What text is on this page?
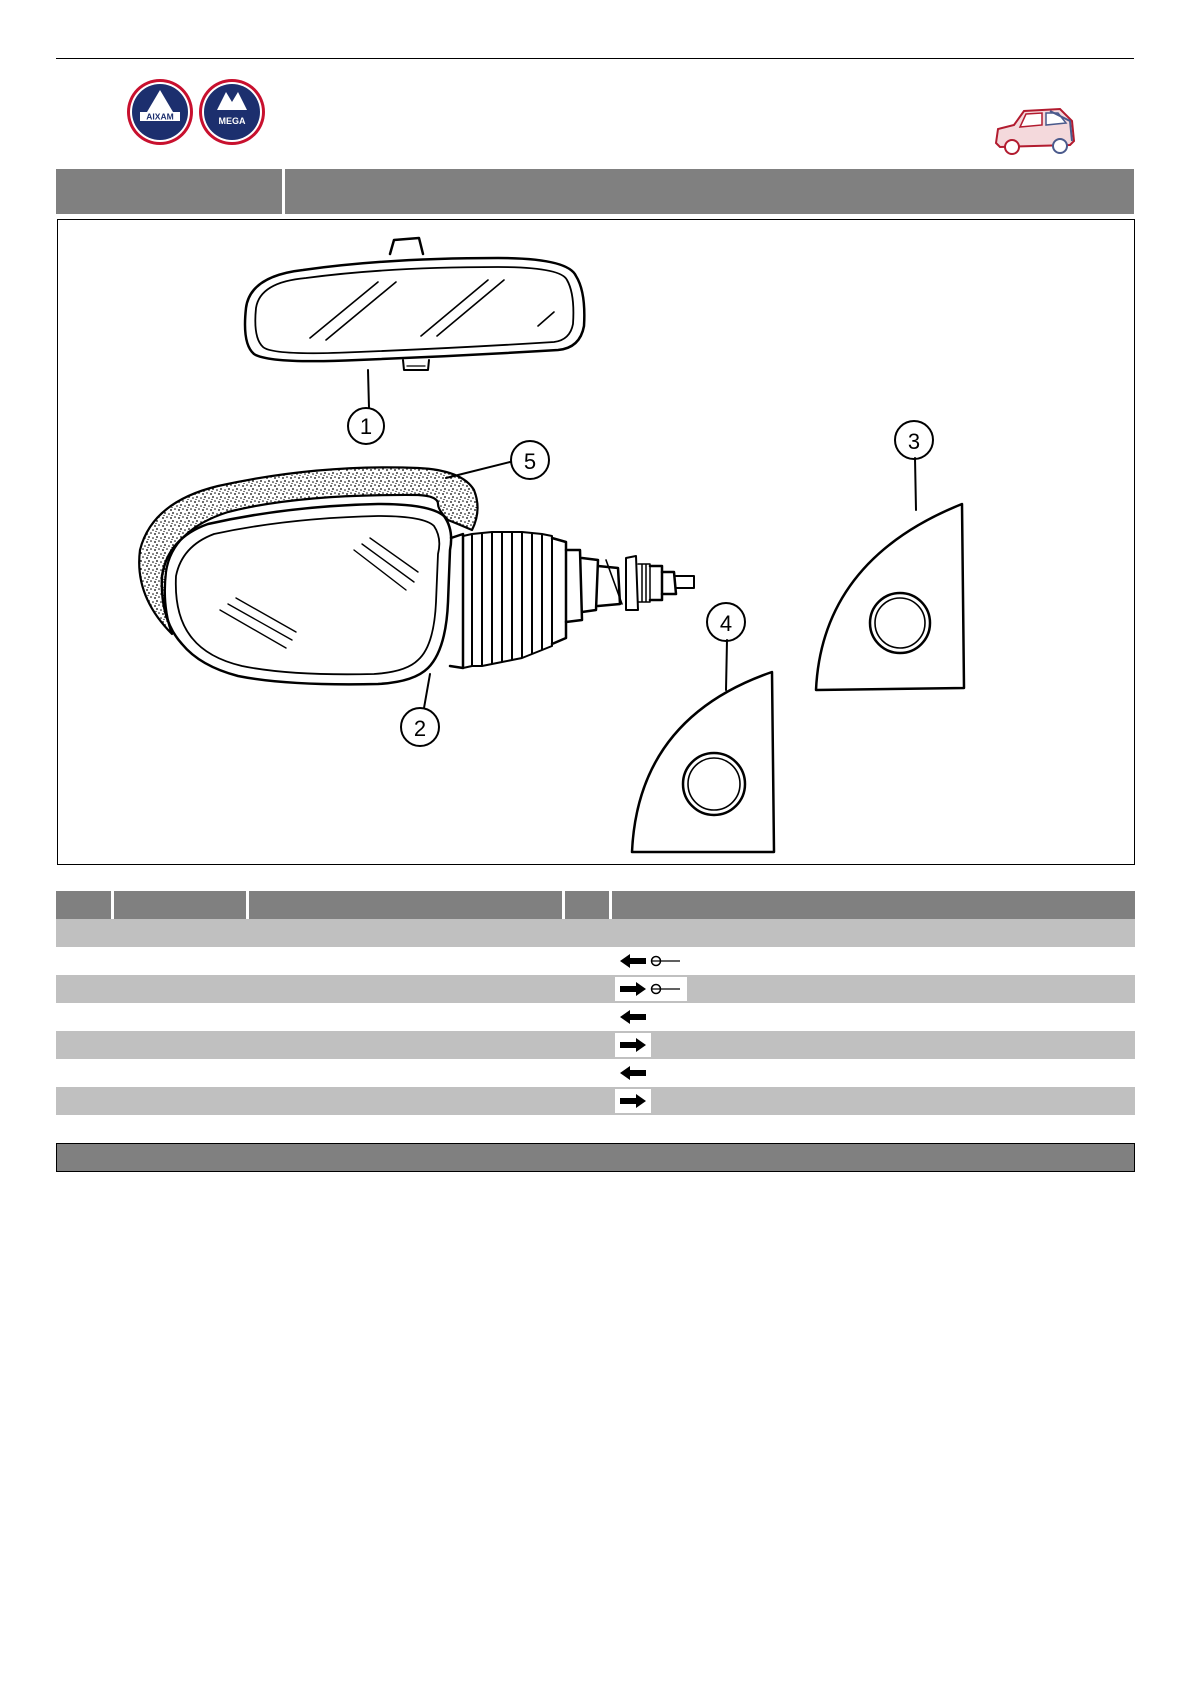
AIXAM	MEGA
1
5
2
3
4
